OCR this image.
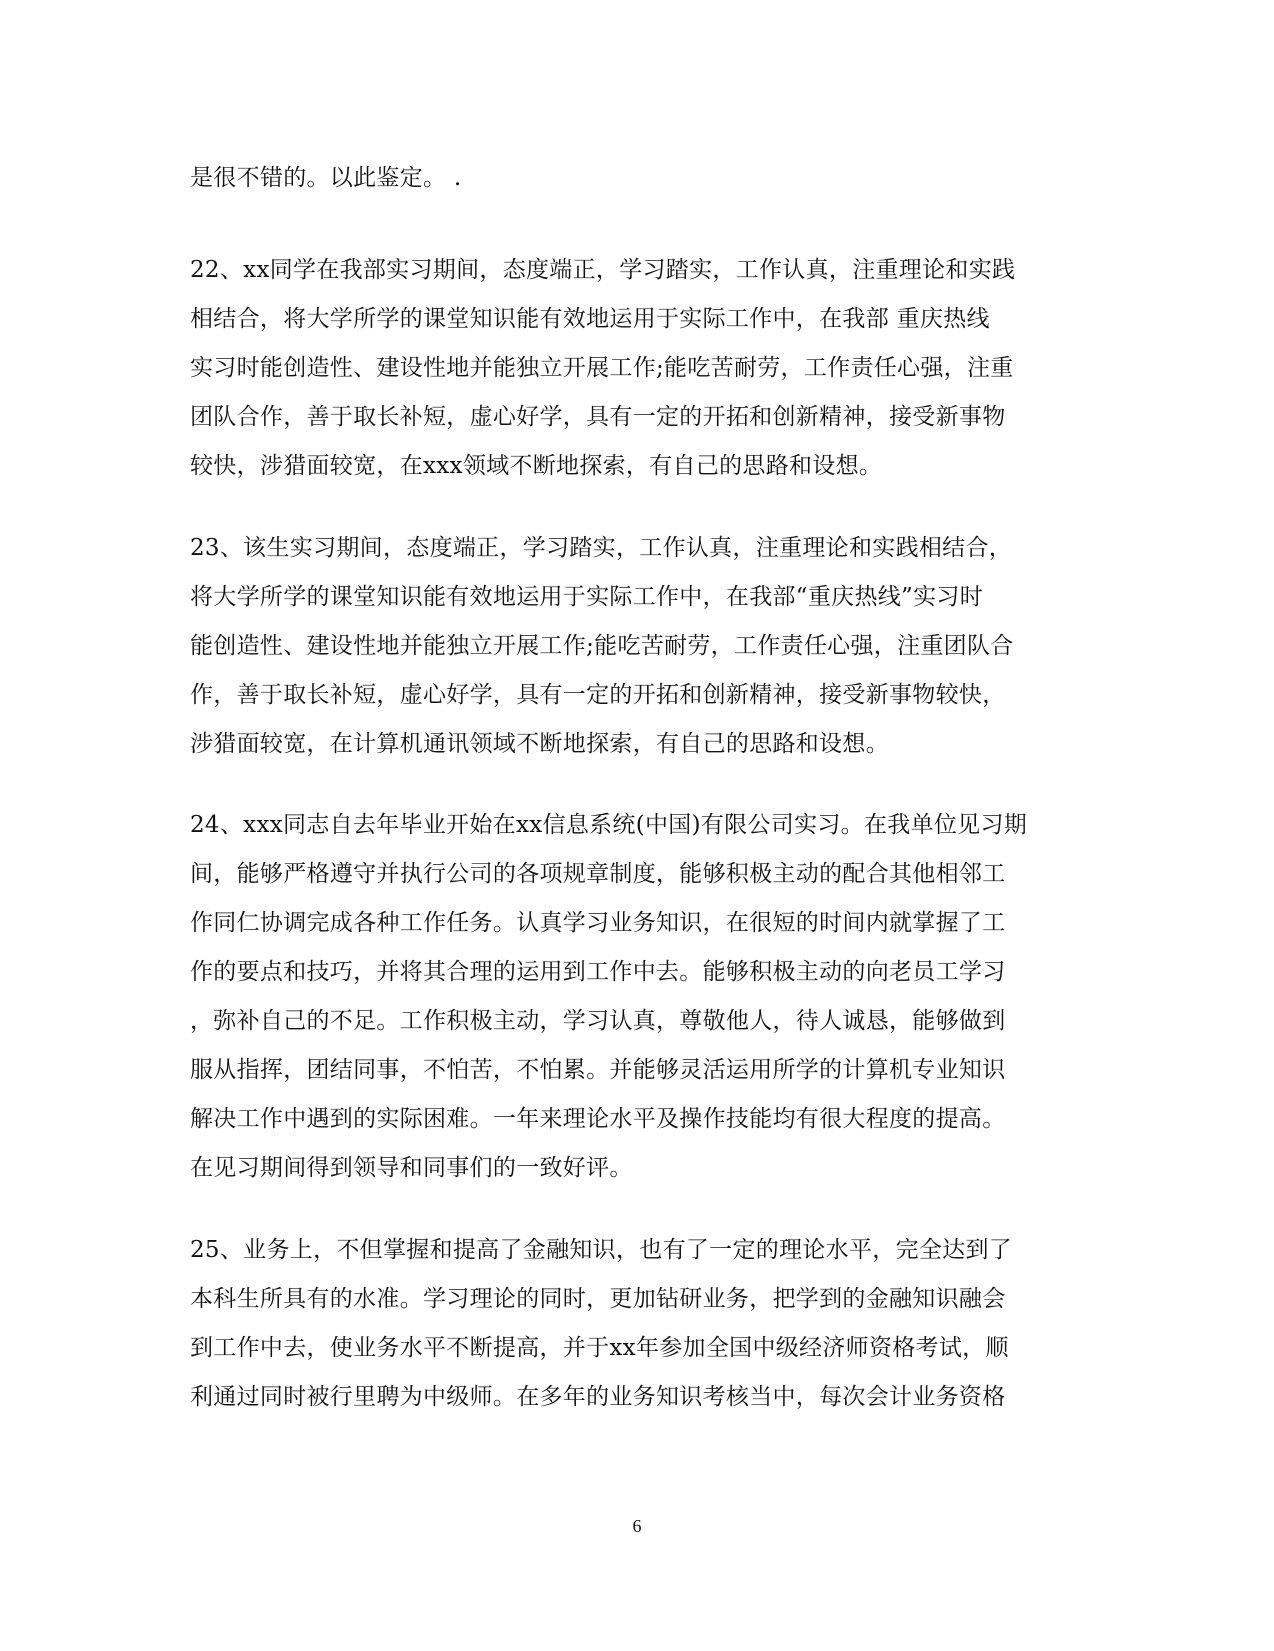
是很不错的。以此鉴定。 .
22、xx同学在我部实习期间，态度端正，学习踏实，工作认真，注重理论和实践
相结合，将大学所学的课堂知识能有效地运用于实际工作中，在我部 重庆热线
实习时能创造性、建设性地并能独立开展工作;能吃苦耐劳，工作责任心强，注重
团队合作，善于取长补短，虚心好学，具有一定的开拓和创新精神，接受新事物
较快，涉猎面较宽，在xxx领域不断地探索，有自己的思路和设想。
23、该生实习期间，态度端正，学习踏实，工作认真，注重理论和实践相结合，
将大学所学的课堂知识能有效地运用于实际工作中，在我部“重庆热线”实习时
能创造性、建设性地并能独立开展工作;能吃苦耐劳，工作责任心强，注重团队合
作，善于取长补短，虚心好学，具有一定的开拓和创新精神，接受新事物较快，
涉猎面较宽，在计算机通讯领域不断地探索，有自己的思路和设想。
24、xxx同志自去年毕业开始在xx信息系统(中国)有限公司实习。在我单位见习期
间，能够严格遵守并执行公司的各项规章制度，能够积极主动的配合其他相邻工
作同仁协调完成各种工作任务。认真学习业务知识，在很短的时间内就掌握了工
作的要点和技巧，并将其合理的运用到工作中去。能够积极主动的向老员工学习
，弥补自己的不足。工作积极主动，学习认真，尊敬他人，待人诚恳，能够做到
服从指挥，团结同事，不怕苦，不怕累。并能够灵活运用所学的计算机专业知识
解决工作中遇到的实际困难。一年来理论水平及操作技能均有很大程度的提高。
在见习期间得到领导和同事们的一致好评。
25、业务上，不但掌握和提高了金融知识，也有了一定的理论水平，完全达到了
本科生所具有的水准。学习理论的同时，更加钻研业务，把学到的金融知识融会
到工作中去，使业务水平不断提高，并于xx年参加全国中级经济师资格考试，顺
利通过同时被行里聘为中级师。在多年的业务知识考核当中，每次会计业务资格
6
